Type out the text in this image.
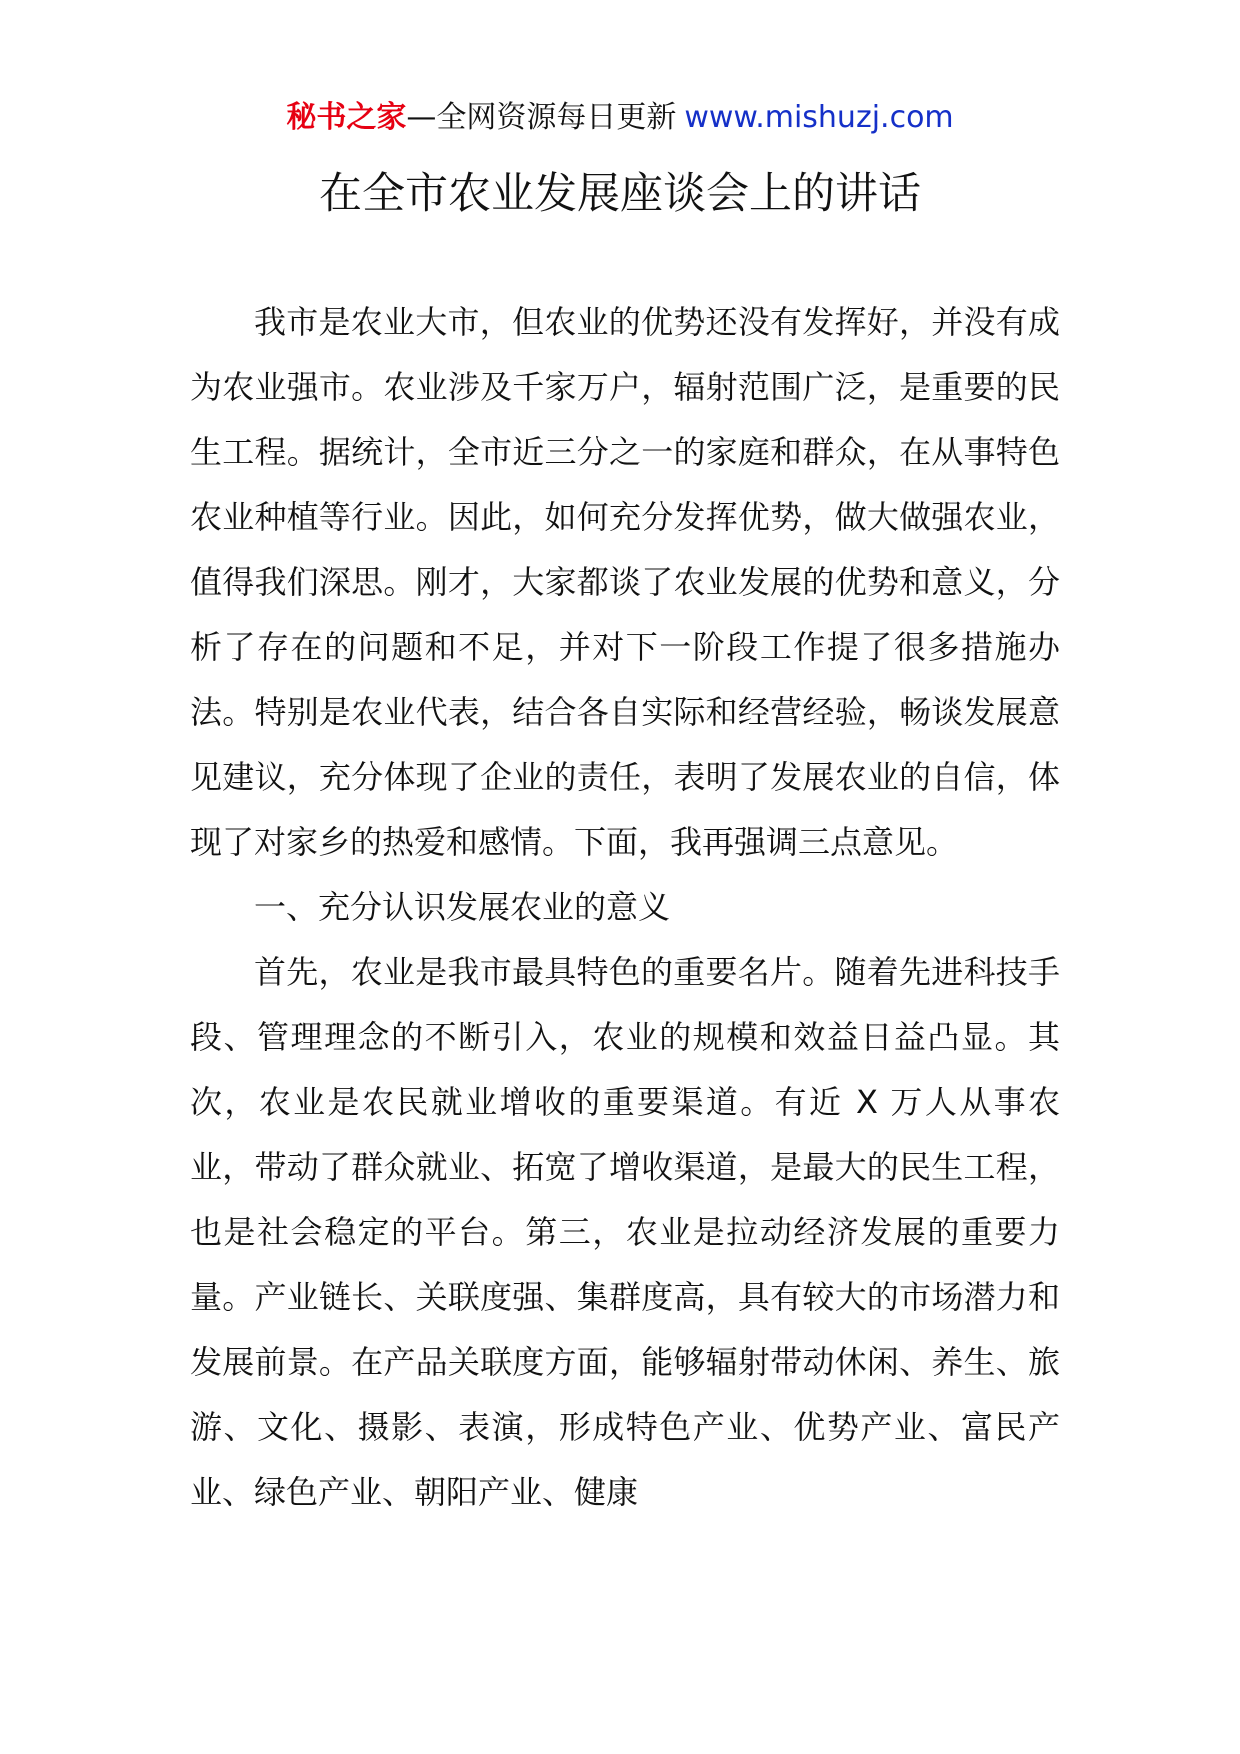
秘书之家—全网资源每日更新 www.mishuzj.com
在全市农业发展座谈会上的讲话

我市是农业大市，但农业的优势还没有发挥好，并没有成为农业强市。农业涉及千家万户，辐射范围广泛，是重要的民生工程。据统计，全市近三分之一的家庭和群众，在从事特色农业种植等行业。因此，如何充分发挥优势，做大做强农业，值得我们深思。刚才，大家都谈了农业发展的优势和意义，分析了存在的问题和不足，并对下一阶段工作提了很多措施办法。特别是农业代表，结合各自实际和经营经验，畅谈发展意见建议，充分体现了企业的责任，表明了发展农业的自信，体现了对家乡的热爱和感情。下面，我再强调三点意见。

一、充分认识发展农业的意义

首先，农业是我市最具特色的重要名片。随着先进科技手段、管理理念的不断引入，农业的规模和效益日益凸显。其次，农业是农民就业增收的重要渠道。有近 X 万人从事农业，带动了群众就业、拓宽了增收渠道，是最大的民生工程，也是社会稳定的平台。第三，农业是拉动经济发展的重要力量。产业链长、关联度强、集群度高，具有较大的市场潜力和发展前景。在产品关联度方面，能够辐射带动休闲、养生、旅游、文化、摄影、表演，形成特色产业、优势产业、富民产业、绿色产业、朝阳产业、健康
